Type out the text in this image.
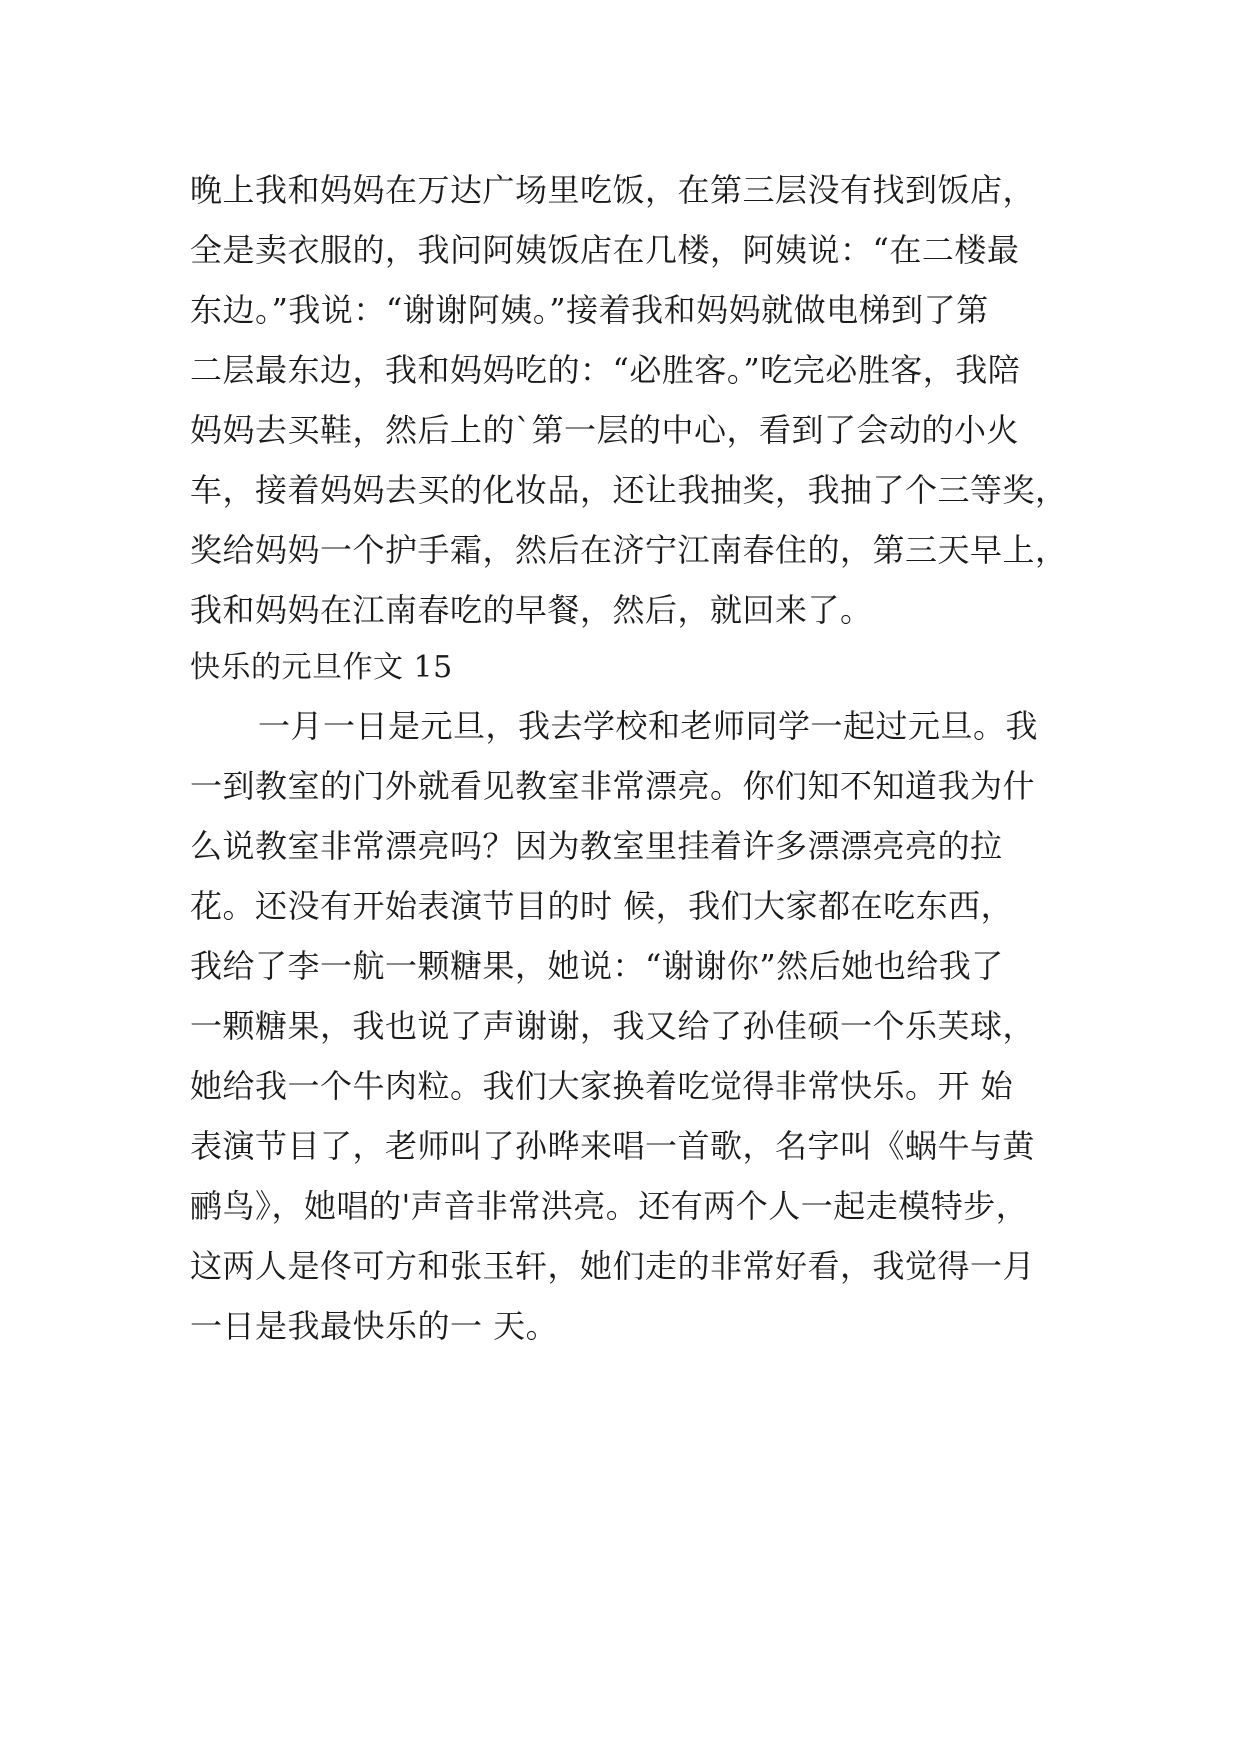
晚上我和妈妈在万达广场里吃饭，在第三层没有找到饭店，
全是卖衣服的，我问阿姨饭店在几楼，阿姨说：“在二楼最
东边。”我说：“谢谢阿姨。”接着我和妈妈就做电梯到了第
二层最东边，我和妈妈吃的：“必胜客。”吃完必胜客，我陪
妈妈去买鞋，然后上的`第一层的中心，看到了会动的小火
车，接着妈妈去买的化妆品，还让我抽奖，我抽了个三等奖，
奖给妈妈一个护手霜，然后在济宁江南春住的，第三天早上，
我和妈妈在江南春吃的早餐，然后，就回来了。
快乐的元旦作文 15
一月一日是元旦，我去学校和老师同学一起过元旦。我
一到教室的门外就看见教室非常漂亮。你们知不知道我为什
么说教室非常漂亮吗？因为教室里挂着许多漂漂亮亮的拉
花。还没有开始表演节目的时 候，我们大家都在吃东西，
我给了李一航一颗糖果，她说：“谢谢你”然后她也给我了
一颗糖果，我也说了声谢谢，我又给了孙佳硕一个乐芙球，
她给我一个牛肉粒。我们大家换着吃觉得非常快乐。开 始
表演节目了，老师叫了孙晔来唱一首歌，名字叫《蜗牛与黄
鹂鸟》，她唱的'声音非常洪亮。还有两个人一起走模特步，
这两人是佟可方和张玉轩，她们走的非常好看，我觉得一月
一日是我最快乐的一 天。
